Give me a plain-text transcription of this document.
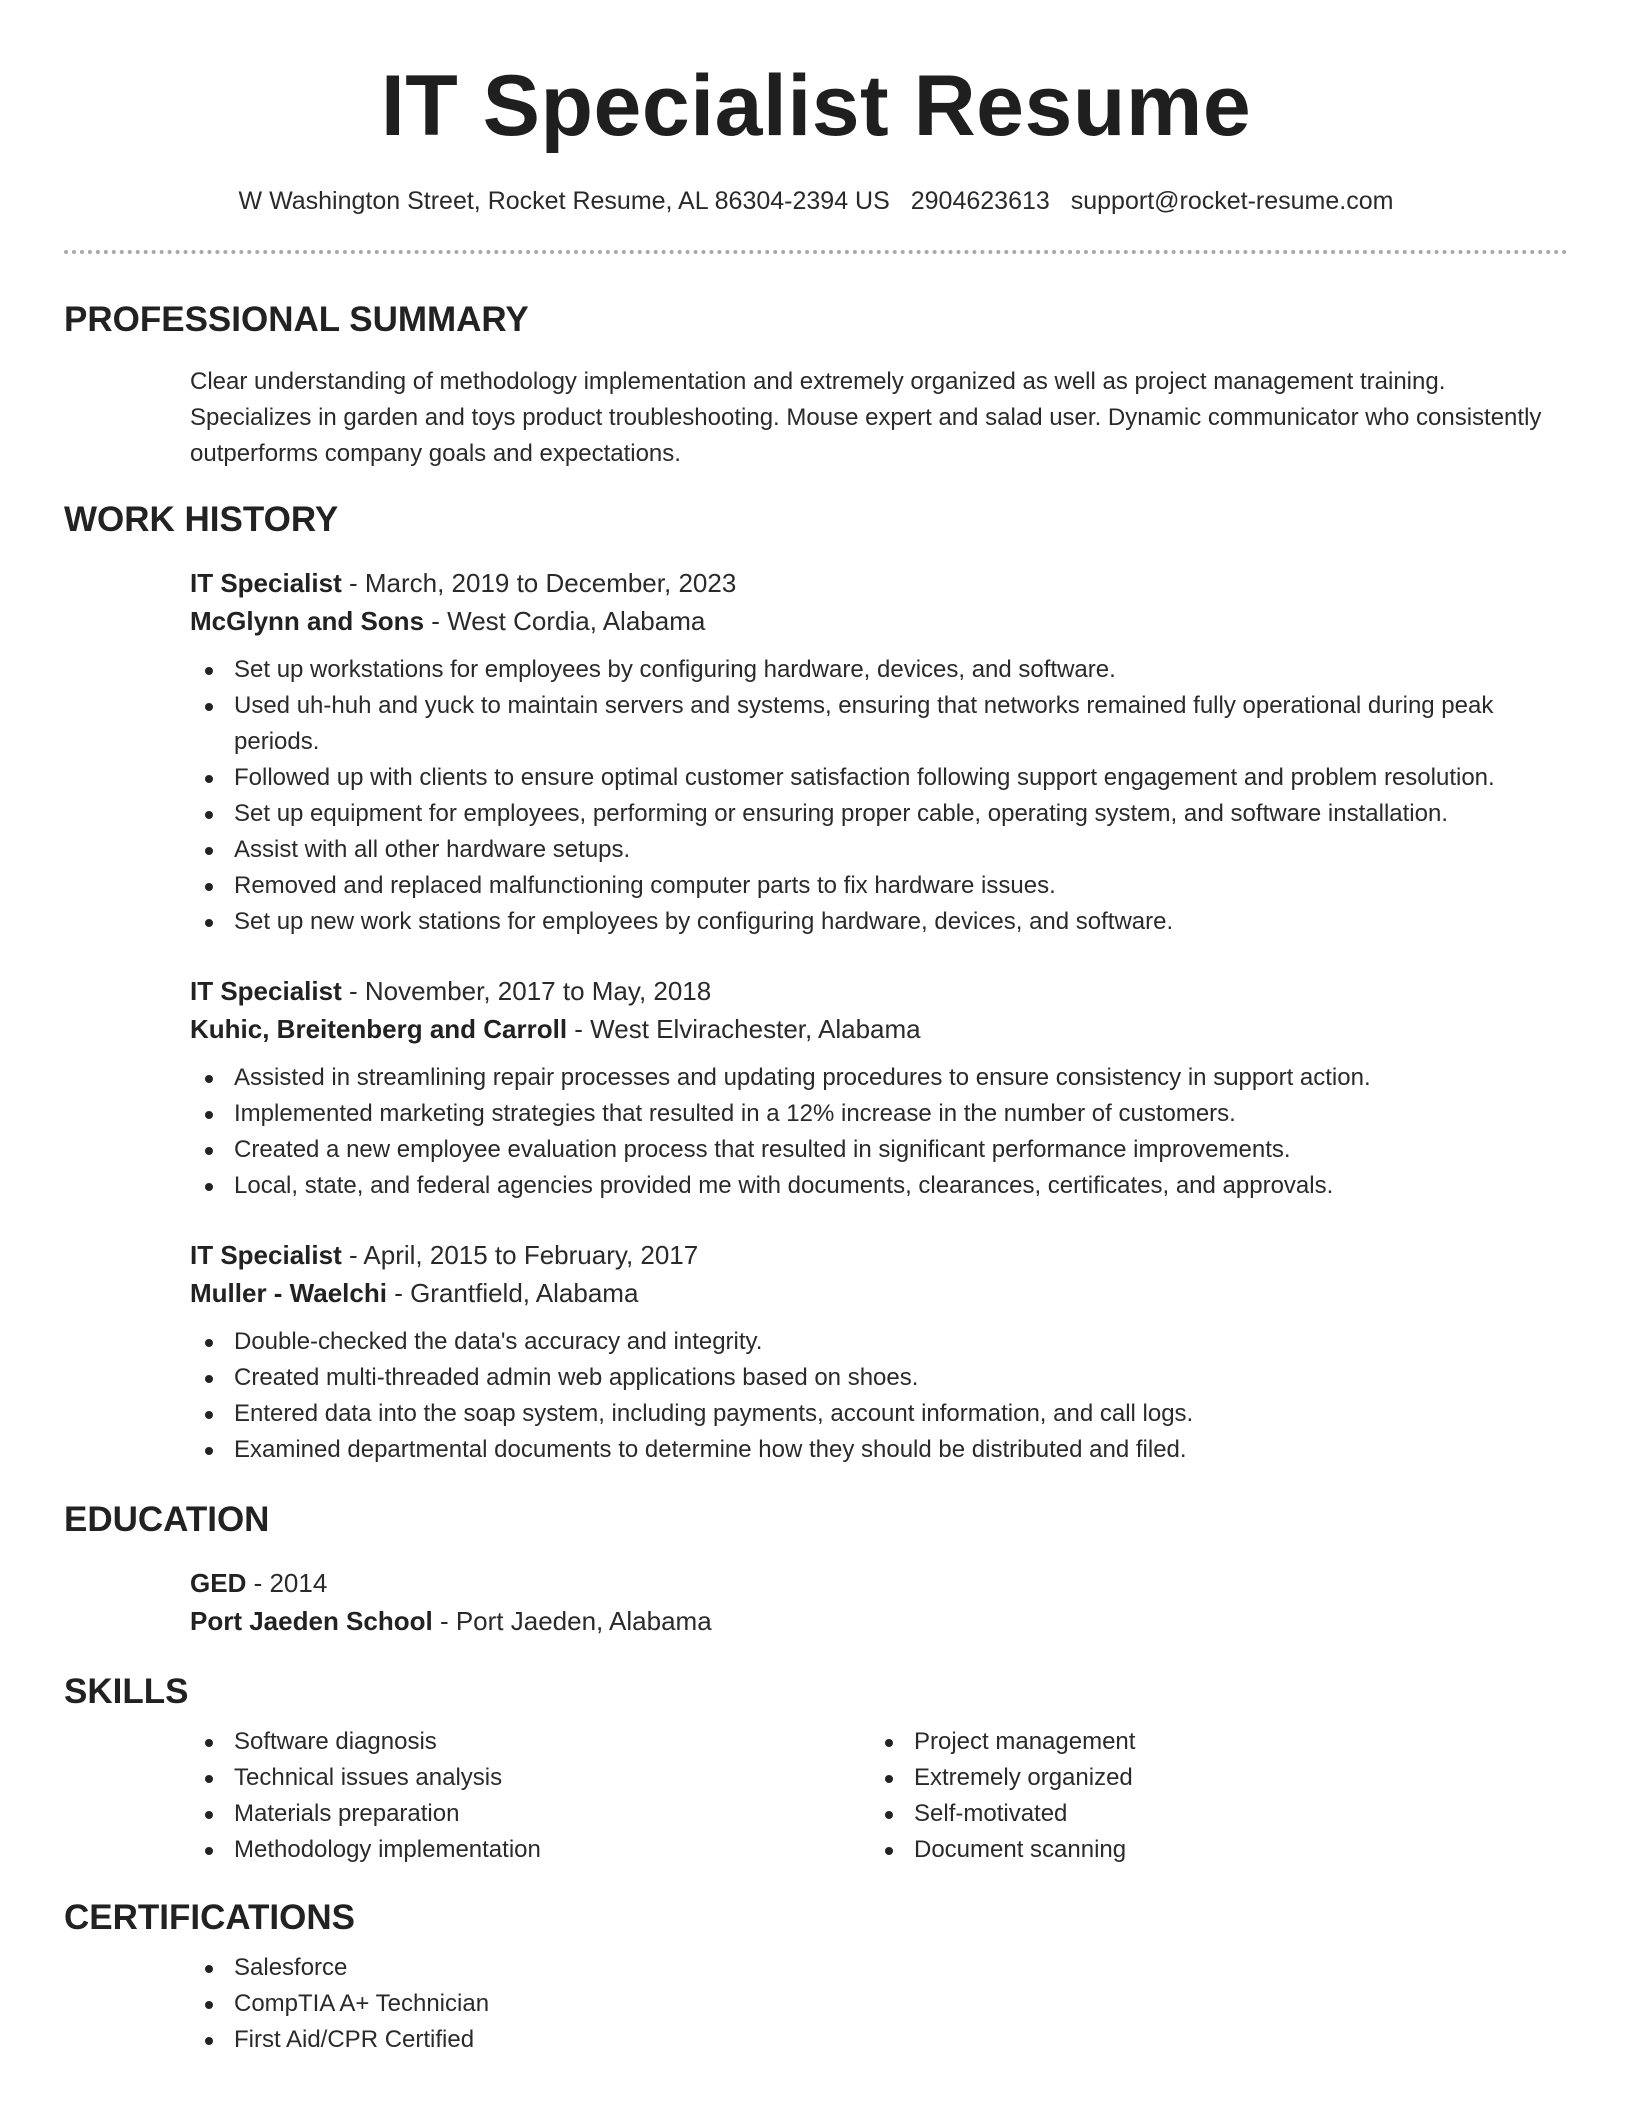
IT Specialist Resume
W Washington Street, Rocket Resume, AL 86304-2394 US 2904623613 support@rocket-resume.com
PROFESSIONAL SUMMARY

Clear understanding of methodology implementation and extremely organized as well as project management training. Specializes in garden and toys product troubleshooting. Mouse expert and salad user. Dynamic communicator who consistently outperforms company goals and expectations.

WORK HISTORY
IT Specialist - March, 2019 to December, 2023
McGlynn and Sons - West Cordia, Alabama
Set up workstations for employees by configuring hardware, devices, and software.
Used uh-huh and yuck to maintain servers and systems, ensuring that networks remained fully operational during peak periods.
Followed up with clients to ensure optimal customer satisfaction following support engagement and problem resolution.
Set up equipment for employees, performing or ensuring proper cable, operating system, and software installation.
Assist with all other hardware setups.
Removed and replaced malfunctioning computer parts to fix hardware issues.
Set up new work stations for employees by configuring hardware, devices, and software.
IT Specialist - November, 2017 to May, 2018
Kuhic, Breitenberg and Carroll - West Elvirachester, Alabama
Assisted in streamlining repair processes and updating procedures to ensure consistency in support action.
Implemented marketing strategies that resulted in a 12% increase in the number of customers.
Created a new employee evaluation process that resulted in significant performance improvements.
Local, state, and federal agencies provided me with documents, clearances, certificates, and approvals.
IT Specialist - April, 2015 to February, 2017
Muller - Waelchi - Grantfield, Alabama
Double-checked the data's accuracy and integrity.
Created multi-threaded admin web applications based on shoes.
Entered data into the soap system, including payments, account information, and call logs.
Examined departmental documents to determine how they should be distributed and filed.
EDUCATION
GED - 2014
Port Jaeden School - Port Jaeden, Alabama
SKILLS
Software diagnosis
Technical issues analysis
Materials preparation
Methodology implementation
Project management
Extremely organized
Self-motivated
Document scanning
CERTIFICATIONS
Salesforce
CompTIA A+ Technician
First Aid/CPR Certified
